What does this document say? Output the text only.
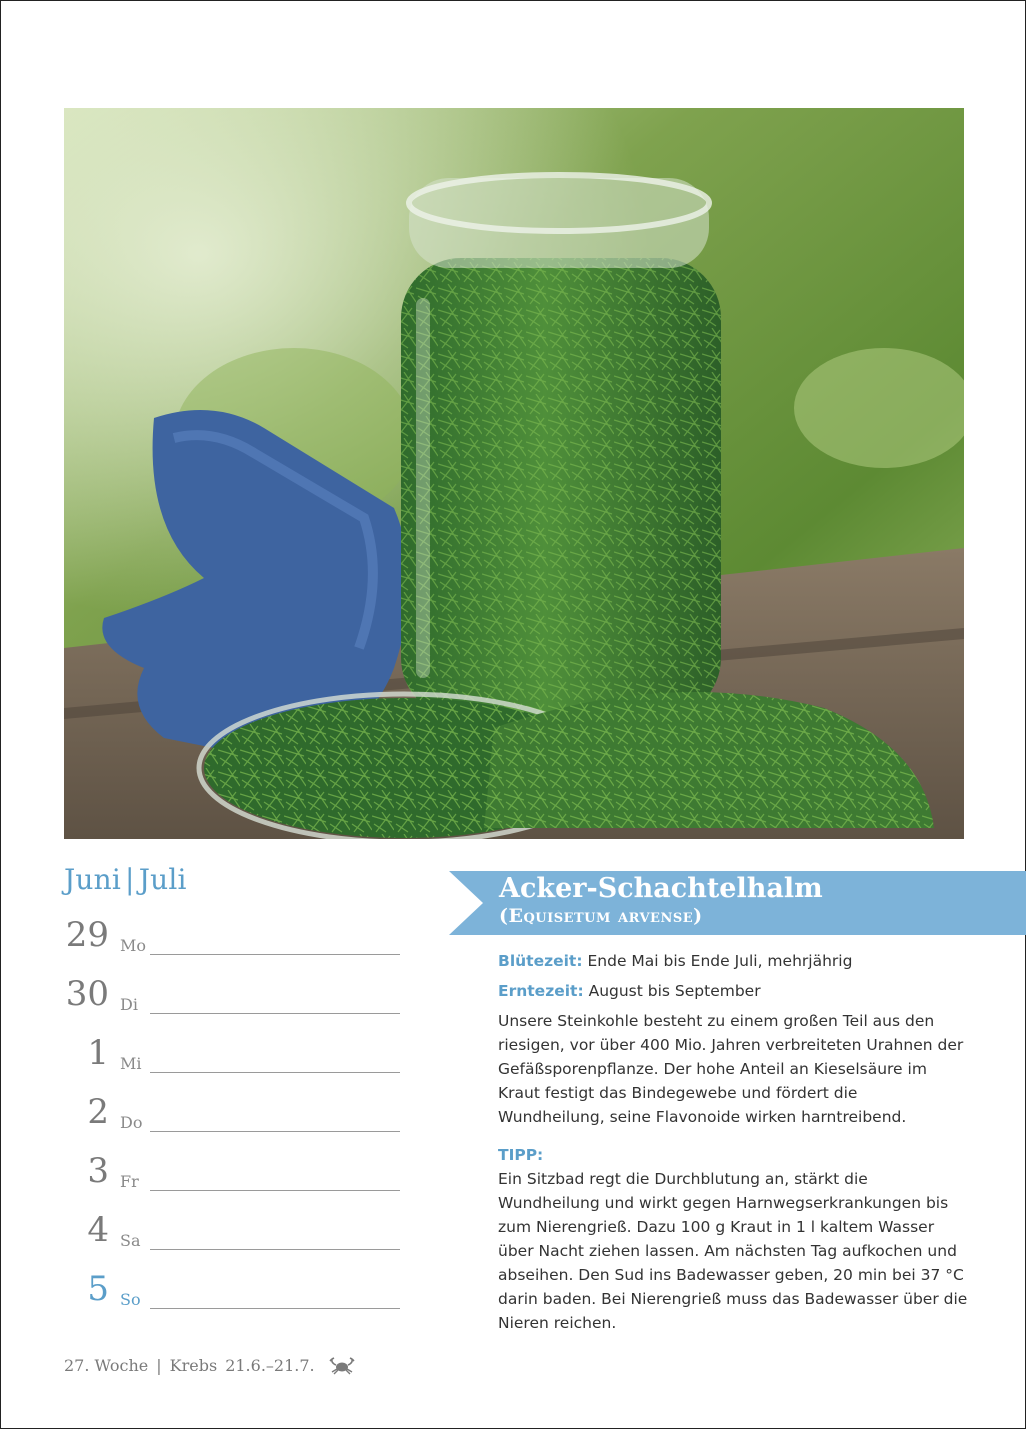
Juni | Juli
29 Mo
30 Di
1 Mi
2 Do
3 Fr
4 Sa
5 So
27. Woche | Krebs 21.6.–21.7.
Acker-Schachtelhalm
(Equisetum arvense)

Blütezeit: Ende Mai bis Ende Juli, mehrjährig

Erntezeit: August bis September

Unsere Steinkohle besteht zu einem großen Teil aus den riesigen, vor über 400 Mio. Jahren verbreiteten Urahnen der Gefäßsporenpflanze. Der hohe Anteil an Kieselsäure im Kraut festigt das Bindegewebe und fördert die Wundheilung, seine Flavonoide wirken harntreibend.

TIPP:

Ein Sitzbad regt die Durchblutung an, stärkt die Wundheilung und wirkt gegen Harnwegserkrankungen bis zum Nierengrieß. Dazu 100 g Kraut in 1 l kaltem Wasser über Nacht ziehen lassen. Am nächsten Tag aufkochen und abseihen. Den Sud ins Badewasser geben, 20 min bei 37 °C darin baden. Bei Nierengrieß muss das Badewasser über die Nieren reichen.
